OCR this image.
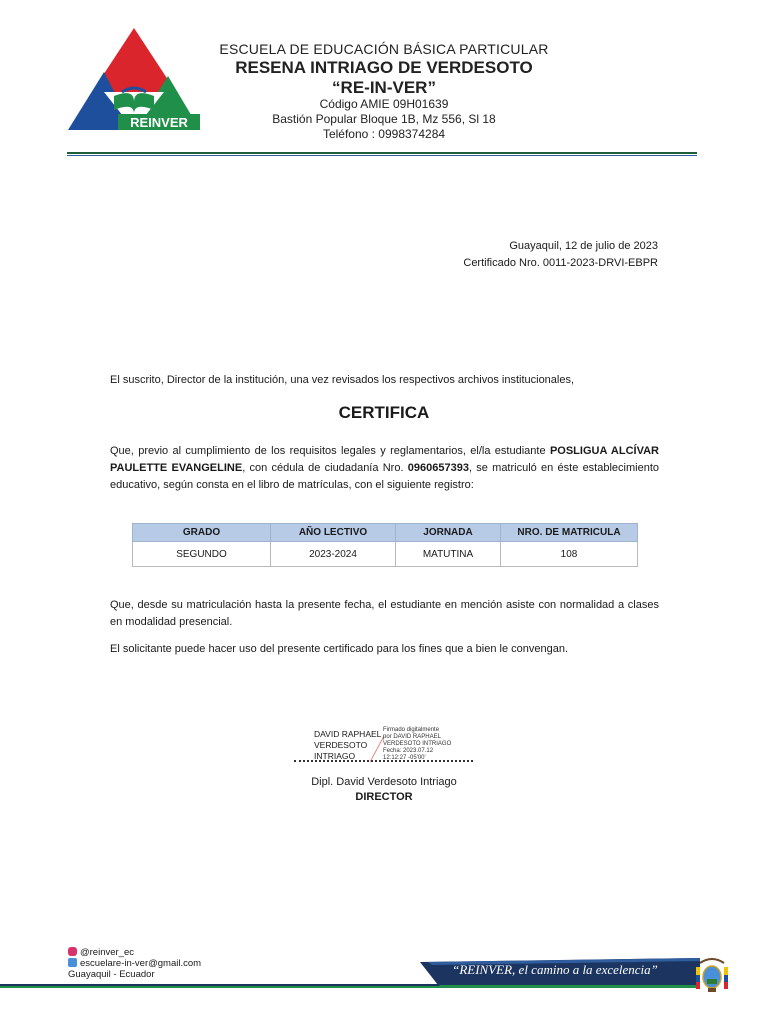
REINVER
ESCUELA DE EDUCACIÓN BÁSICA PARTICULAR
RESENA INTRIAGO DE VERDESOTO
“RE-IN-VER”
Código AMIE 09H01639
Bastión Popular Bloque 1B, Mz 556, Sl 18
Teléfono : 0998374284
Guayaquil, 12 de julio de 2023
Certificado Nro. 0011-2023-DRVI-EBPR
El suscrito, Director de la institución, una vez revisados los respectivos archivos institucionales,
CERTIFICA
Que, previo al cumplimiento de los requisitos legales y reglamentarios, el/la estudiante POSLIGUA ALCÍVAR PAULETTE EVANGELINE, con cédula de ciudadanía Nro. 0960657393, se matriculó en éste establecimiento educativo, según consta en el libro de matrículas, con el siguiente registro:
GRADO	AÑO LECTIVO	JORNADA	NRO. DE MATRICULA
SEGUNDO	2023-2024	MATUTINA	108
Que, desde su matriculación hasta la presente fecha, el estudiante en mención asiste con normalidad a clases en modalidad presencial.
El solicitante puede hacer uso del presente certificado para los fines que a bien le convengan.
DAVID RAPHAEL
VERDESOTO
INTRIAGO
Firmado digitalmente
por DAVID RAPHAEL
VERDESOTO INTRIAGO
Fecha: 2023.07.12
12:12:27 -05'00'
Dipl. David Verdesoto Intriago
DIRECTOR
@reinver_ec
escuelare-in-ver@gmail.com
Guayaquil - Ecuador	“REINVER, el camino a la excelencia”
